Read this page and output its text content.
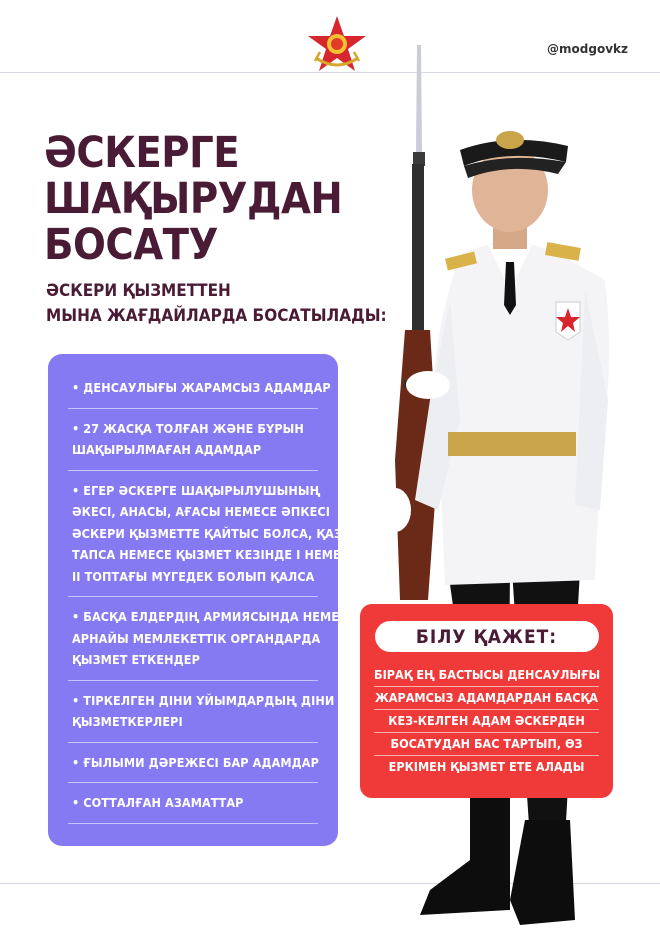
@modgovkz
ӘСКЕРГЕ
ШАҚЫРУДАН
БОСАТУ
ӘСКЕРИ ҚЫЗМЕТТЕН
МЫНА ЖАҒДАЙЛАРДА БОСАТЫЛАДЫ:
• ДЕНСАУЛЫҒЫ ЖАРАМСЫЗ АДАМДАР
• 27 ЖАСҚА ТОЛҒАН ЖӘНЕ БҰРЫН
ШАҚЫРЫЛМАҒАН АДАМДАР
• ЕГЕР ӘСКЕРГЕ ШАҚЫРЫЛУШЫНЫҢ
ӘКЕСІ, АНАСЫ, АҒАСЫ НЕМЕСЕ ӘПКЕСІ
ӘСКЕРИ ҚЫЗМЕТТЕ ҚАЙТЫС БОЛСА, ҚАЗА
ТАПСА НЕМЕСЕ ҚЫЗМЕТ КЕЗІНДЕ І НЕМЕСЕ
ІІ ТОПТАҒЫ МҮГЕДЕК БОЛЫП ҚАЛСА
• БАСҚА ЕЛДЕРДІҢ АРМИЯСЫНДА НЕМЕСЕ
АРНАЙЫ МЕМЛЕКЕТТІК ОРГАНДАРДА
ҚЫЗМЕТ ЕТКЕНДЕР
• ТІРКЕЛГЕН ДІНИ ҰЙЫМДАРДЫҢ ДІНИ
ҚЫЗМЕТКЕРЛЕРІ
• ҒЫЛЫМИ ДӘРЕЖЕСІ БАР АДАМДАР
• СОТТАЛҒАН АЗАМАТТАР
БІЛУ ҚАЖЕТ:
БІРАҚ ЕҢ БАСТЫСЫ ДЕНСАУЛЫҒЫ
ЖАРАМСЫЗ АДАМДАРДАН БАСҚА
КЕЗ-КЕЛГЕН АДАМ ӘСКЕРДЕН
БОСАТУДАН БАС ТАРТЫП, ӨЗ
ЕРКІМЕН ҚЫЗМЕТ ЕТЕ АЛАДЫ
